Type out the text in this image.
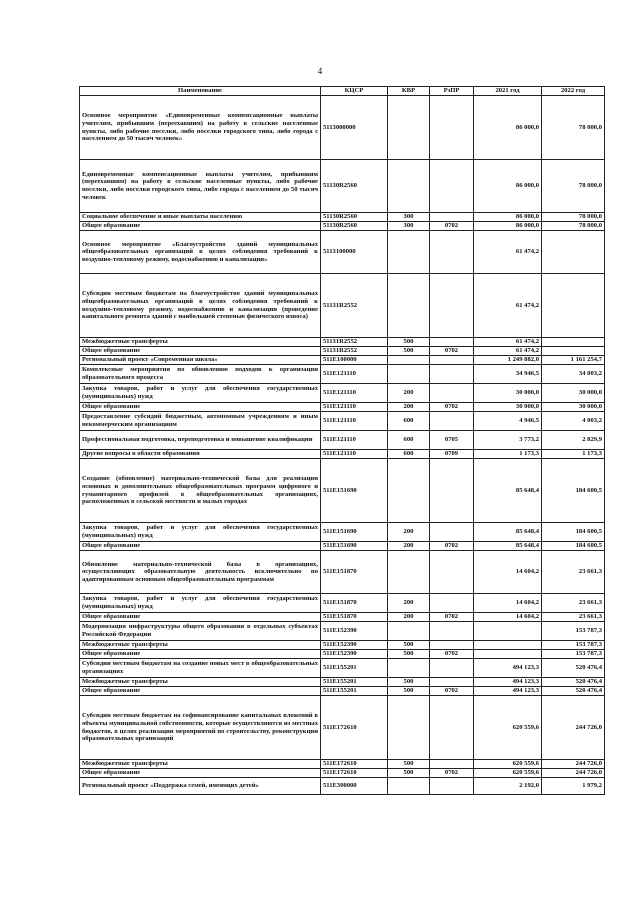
4
Наименование	КЦСР	КВР	РзПР	2021 год	2022 год
Основное мероприятие «Единовременные компенсационные выплаты учителям, прибывшим (переехавшим) на работу в сельские населенные пункты, либо рабочие поселки, либо поселки городского типа, либо города с населением до 50 тысяч человек»	5113000000			86 000,0	78 000,0
Единовременные компенсационные выплаты учителям, прибывшим (переехавшим) на работу в сельские населенные пункты, либо рабочие поселки, либо поселки городского типа, либо города с населением до 50 тысяч человек	51130R2560			86 000,0	78 000,0
Социальное обеспечение и иные выплаты населению	51130R2560	300		86 000,0	78 000,0
Общее образование	51130R2560	300	0702	86 000,0	78 000,0
Основное мероприятие «Благоустройство зданий муниципальных общеобразовательных организаций в целях соблюдения требований к воздушно-тепловому режиму, водоснабжению и канализации»	5113100000			61 474,2	
Субсидии местным бюджетам на благоустройство зданий муниципальных общеобразовательных организаций в целях соблюдения требований к воздушно-тепловому режиму, водоснабжению и канализации (проведение капитального ремонта зданий с наибольшей степенью физического износа)	51131R2552			61 474,2	
Межбюджетные трансферты	51131R2552	500		61 474,2	
Общее образование	51131R2552	500	0702	61 474,2	
Региональный проект «Современная школа»	511E100000			1 249 882,0	1 161 254,7
Комплексные мероприятия по обновлению подходов к организации образовательного процесса	511E121110			34 946,5	34 003,2
Закупка товаров, работ и услуг для обеспечения государственных (муниципальных) нужд	511E121110	200		30 000,0	30 000,0
Общее образование	511E121110	200	0702	30 000,0	30 000,0
Предоставление субсидий бюджетным, автономным учреждениям и иным некоммерческим организациям	511E121110	600		4 946,5	4 003,2
Профессиональная подготовка, переподготовка и повышение квалификации	511E121110	600	0705	3 773,2	2 829,9
Другие вопросы в области образования	511E121110	600	0709	1 173,3	1 173,3
Создание (обновление) материально-технической базы для реализации основных и дополнительных общеобразовательных программ цифрового и гуманитарного профилей в общеобразовательных организациях, расположенных в сельской местности и малых городах	511E151690			85 648,4	184 600,5
Закупка товаров, работ и услуг для обеспечения государственных (муниципальных) нужд	511E151690	200		85 648,4	184 600,5
Общее образование	511E151690	200	0702	85 648,4	184 600,5
Обновление материально-технической базы в организациях, осуществляющих образовательную деятельность исключительно по адаптированным основным общеобразовательным программам	511E151870			14 604,2	23 661,3
Закупка товаров, работ и услуг для обеспечения государственных (муниципальных) нужд	511E151870	200		14 604,2	23 661,3
Общее образование	511E151870	200	0702	14 604,2	23 661,3
Модернизация инфраструктуры общего образования в отдельных субъектах Российской Федерации	511E152390				153 787,3
Межбюджетные трансферты	511E152390	500			153 787,3
Общее образование	511E152390	500	0702		153 787,3
Субсидии местным бюджетам на создание новых мест в общеобразовательных организациях	511E155201			494 123,3	520 476,4
Межбюджетные трансферты	511E155201	500		494 123,3	520 476,4
Общее образование	511E155201	500	0702	494 123,3	520 476,4
Субсидии местным бюджетам на софинансирование капитальных вложений в объекты муниципальной собственности, которые осуществляются из местных бюджетов, в целях реализации мероприятий по строительству, реконструкции образовательных организаций	511E172610			620 559,6	244 726,0
Межбюджетные трансферты	511E172610	500		620 559,6	244 726,0
Общее образование	511E172610	500	0702	620 559,6	244 726,0
Региональный проект «Поддержка семей, имеющих детей»	511E300000			2 192,0	1 979,2
